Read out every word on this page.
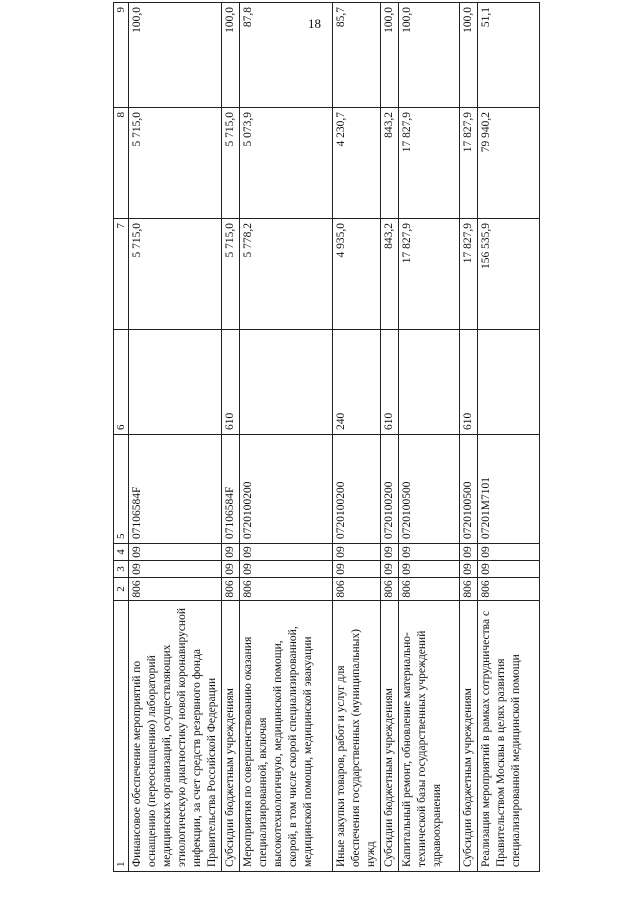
18
1	2	3	4	5	6	7	8	9
Финансовое обеспечение мероприятий по оснащению (переоснащению) лабораторий медицинских организаций, осуществляющих этиологическую диагностику новой коронавирусной инфекции, за счет средств резервного фонда Правительства Российской Федерации	806	09	09	07106584F		5 715,0	5 715,0	100,0
Субсидии бюджетным учреждениям	806	09	09	07106584F	610	5 715,0	5 715,0	100,0
Мероприятия по совершенствованию оказания специализированной, включая высокотехнологичную, медицинской помощи, скорой, в том числе скорой специализированной, медицинской помощи, медицинской эвакуации	806	09	09	0720100200		5 778,2	5 073,9	87,8
Иные закупки товаров, работ и услуг для обеспечения государственных (муниципальных) нужд	806	09	09	0720100200	240	4 935,0	4 230,7	85,7
Субсидии бюджетным учреждениям	806	09	09	0720100200	610	843,2	843,2	100,0
Капитальный ремонт, обновление материально-технической базы государственных учреждений здравоохранения	806	09	09	0720100500		17 827,9	17 827,9	100,0
Субсидии бюджетным учреждениям	806	09	09	0720100500	610	17 827,9	17 827,9	100,0
Реализация мероприятий в рамках сотрудничества с Правительством Москвы в целях развития специализированной медицинской помощи	806	09	09	07201М7101		156 535,9	79 940,2	51,1
